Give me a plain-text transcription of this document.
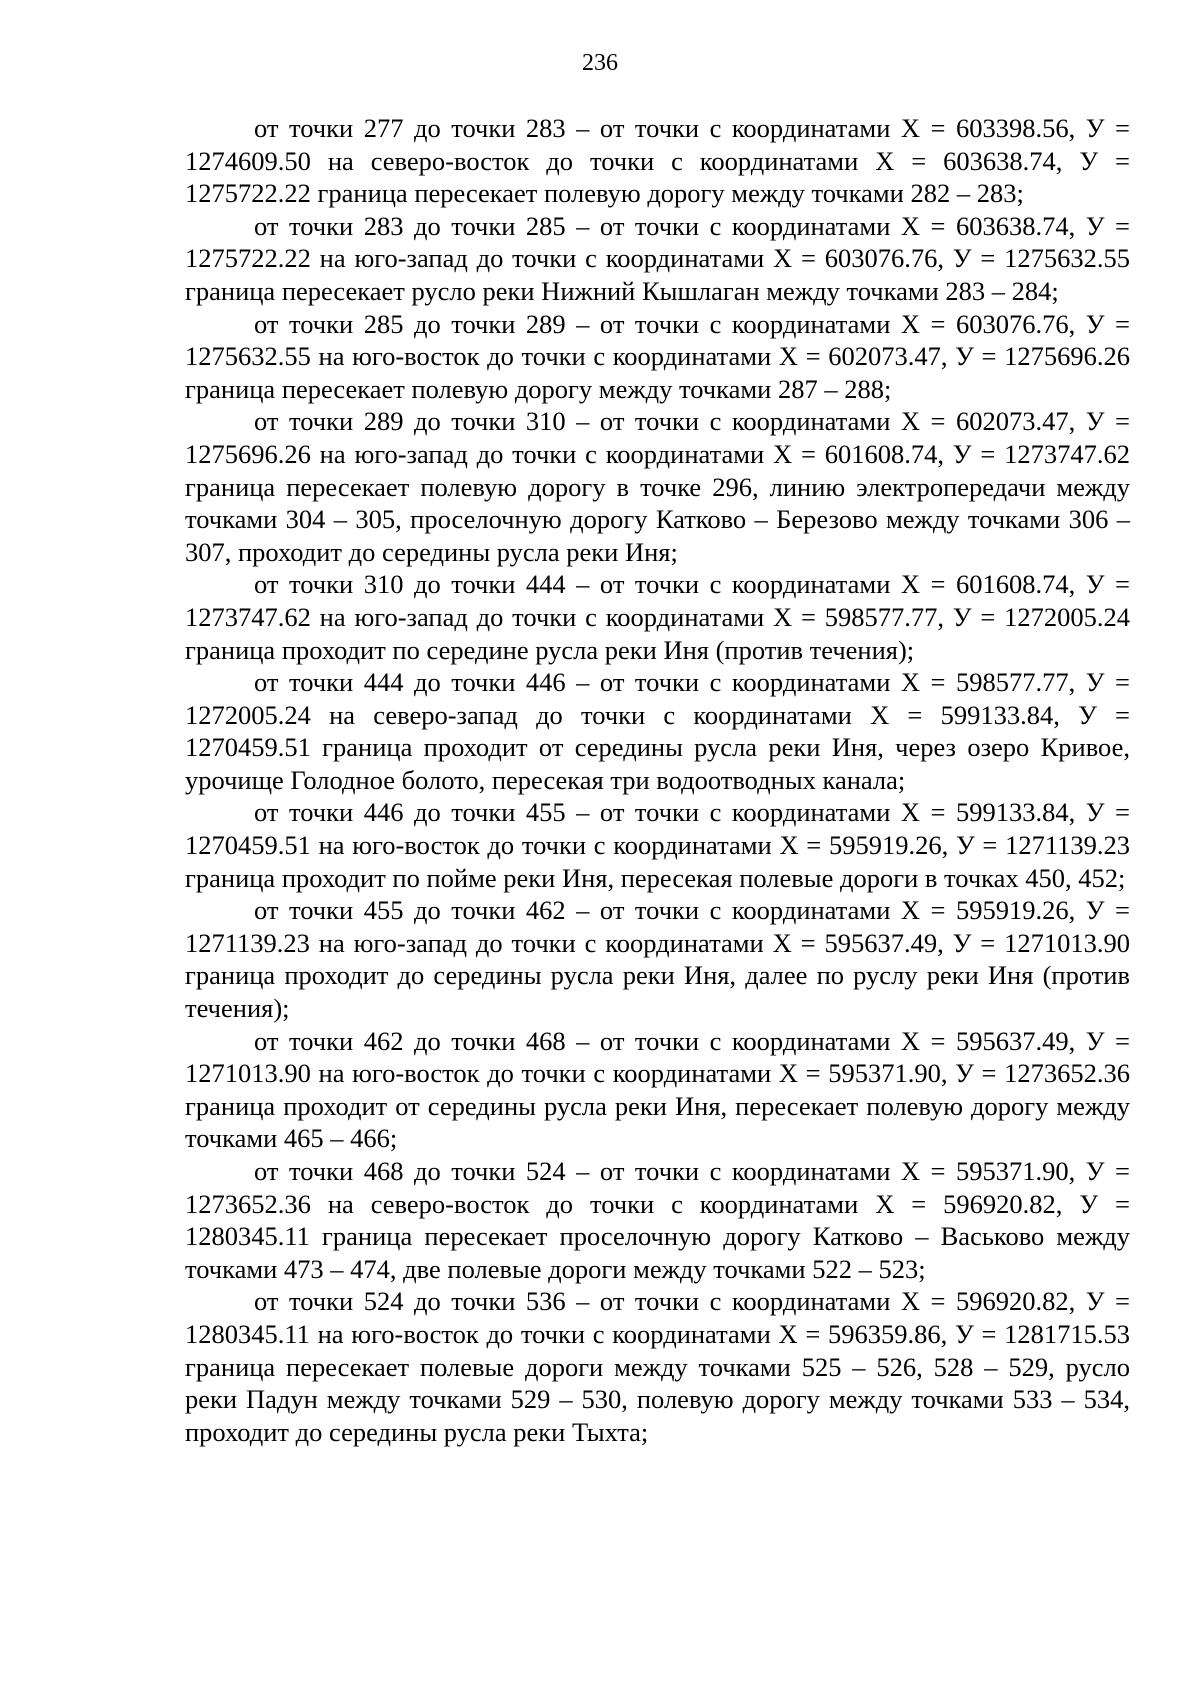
236

от точки 277 до точки 283 – от точки с координатами Х = 603398.56, У = 1274609.50 на северо-восток до точки с координатами Х = 603638.74, У = 1275722.22 граница пересекает полевую дорогу между точками 282 – 283;

от точки 283 до точки 285 – от точки с координатами Х = 603638.74, У = 1275722.22 на юго-запад до точки с координатами Х = 603076.76, У = 1275632.55 граница пересекает русло реки Нижний Кышлаган между точками 283 – 284;

от точки 285 до точки 289 – от точки с координатами Х = 603076.76, У = 1275632.55 на юго-восток до точки с координатами Х = 602073.47, У = 1275696.26 граница пересекает полевую дорогу между точками 287 – 288;

от точки 289 до точки 310 – от точки с координатами Х = 602073.47, У = 1275696.26 на юго-запад до точки с координатами Х = 601608.74, У = 1273747.62 граница пересекает полевую дорогу в точке 296, линию электропередачи между точками 304 – 305, проселочную дорогу Катково – Березово между точками 306 – 307, проходит до середины русла реки Иня;

от точки 310 до точки 444 – от точки с координатами Х = 601608.74, У = 1273747.62 на юго-запад до точки с координатами Х = 598577.77, У = 1272005.24 граница проходит по середине русла реки Иня (против течения);

от точки 444 до точки 446 – от точки с координатами Х = 598577.77, У = 1272005.24 на северо-запад до точки с координатами Х = 599133.84, У = 1270459.51 граница проходит от середины русла реки Иня, через озеро Кривое, урочище Голодное болото, пересекая три водоотводных канала;

от точки 446 до точки 455 – от точки с координатами Х = 599133.84, У = 1270459.51 на юго-восток до точки с координатами Х = 595919.26, У = 1271139.23 граница проходит по пойме реки Иня, пересекая полевые дороги в точках 450, 452;

от точки 455 до точки 462 – от точки с координатами Х = 595919.26, У = 1271139.23 на юго-запад до точки с координатами Х = 595637.49, У = 1271013.90 граница проходит до середины русла реки Иня, далее по руслу реки Иня (против течения);

от точки 462 до точки 468 – от точки с координатами Х = 595637.49, У = 1271013.90 на юго-восток до точки с координатами Х = 595371.90, У = 1273652.36 граница проходит от середины русла реки Иня, пересекает полевую дорогу между точками 465 – 466;

от точки 468 до точки 524 – от точки с координатами Х = 595371.90, У = 1273652.36 на северо-восток до точки с координатами Х = 596920.82, У = 1280345.11 граница пересекает проселочную дорогу Катково – Васьково между точками 473 – 474, две полевые дороги между точками 522 – 523;

от точки 524 до точки 536 – от точки с координатами Х = 596920.82, У = 1280345.11 на юго-восток до точки с координатами Х = 596359.86, У = 1281715.53 граница пересекает полевые дороги между точками 525 – 526, 528 – 529, русло реки Падун между точками 529 – 530, полевую дорогу между точками 533 – 534, проходит до середины русла реки Тыхта;
